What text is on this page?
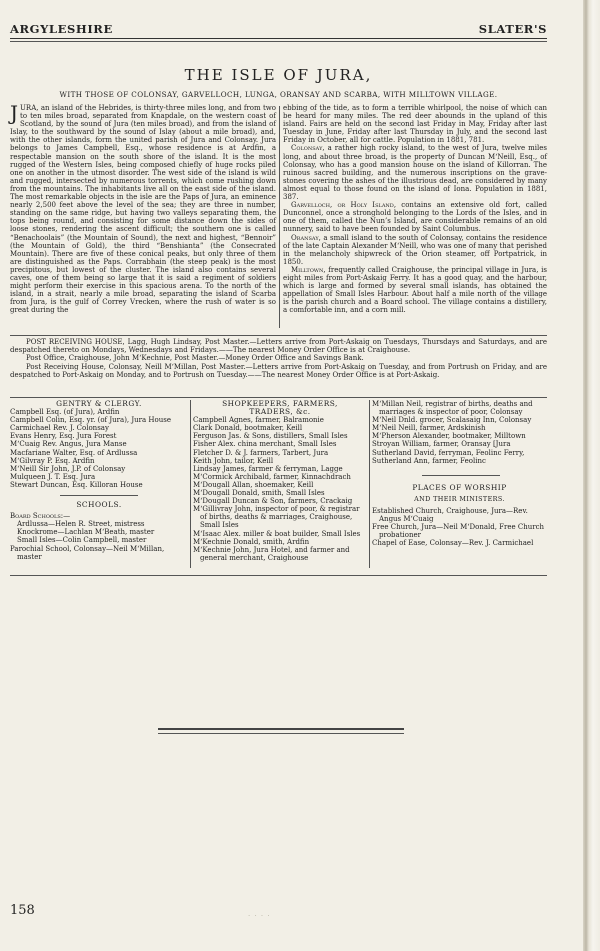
ARGYLESHIRE	SLATER'S
THE ISLE OF JURA,
WITH THOSE OF COLONSAY, GARVELLOCH, LUNGA, ORANSAY AND SCARBA, WITH MILLTOWN VILLAGE.

JURA, an island of the Hebrides, is thirty-three miles long, and from two to ten miles broad, separated from Knapdale, on the western coast of Scotland, by the sound of Jura (ten miles broad), and from the island of Islay, to the southward by the sound of Islay (about a mile broad), and, with the other islands, form the united parish of Jura and Colonsay. Jura belongs to James Campbell, Esq., whose residence is at Ardfin, a respectable mansion on the south shore of the island. It is the most rugged of the Western Isles, being composed chiefly of huge rocks piled one on another in the utmost disorder. The west side of the island is wild and rugged, intersected by numerous torrents, which come rushing down from the mountains. The inhabitants live all on the east side of the island. The most remarkable objects in the isle are the Paps of Jura, an eminence nearly 2,500 feet above the level of the sea; they are three in number, standing on the same ridge, but having two valleys separating them, the tops being round, and consisting for some distance down the sides of loose stones, rendering the ascent difficult; the southern one is called “Benachoolais” (the Mountain of Sound), the next and highest, “Bennoir” (the Mountain of Gold), the third “Benshianta” (the Consecrated Mountain). There are five of these conical peaks, but only three of them are distinguished as the Paps. Corrabhain (the steep peak) is the most precipitous, but lowest of the cluster. The island also contains several caves, one of them being so large that it is said a regiment of soldiers might perform their exercise in this spacious arena. To the north of the island, in a strait, nearly a mile broad, separating the island of Scarba from Jura, is the gulf of Correy Vrecken, where the rush of water is so great during the

ebbing of the tide, as to form a terrible whirlpool, the noise of which can be heard for many miles. The red deer abounds in the upland of this island. Fairs are held on the second last Friday in May, Friday after last Tuesday in June, Friday after last Thursday in July, and the second last Friday in October, all for cattle. Population in 1881, 781.

Colonsay, a rather high rocky island, to the west of Jura, twelve miles long, and about three broad, is the property of Duncan M‘Neill, Esq., of Colonsay, who has a good mansion house on the island of Killorran. The ruinous sacred building, and the numerous inscriptions on the grave-stones covering the ashes of the illustrious dead, are considered by many almost equal to those found on the island of Iona. Population in 1881, 387.

Garvelloch, or Holy Island, contains an extensive old fort, called Dunconnel, once a stronghold belonging to the Lords of the Isles, and in one of them, called the Nun’s Island, are considerable remains of an old nunnery, said to have been founded by Saint Columbus.

Oransay, a small island to the south of Colonsay, contains the residence of the late Captain Alexander M‘Neill, who was one of many that perished in the melancholy shipwreck of the Orion steamer, off Portpatrick, in 1850.

Milltown, frequently called Craighouse, the principal village in Jura, is eight miles from Port-Askaig Ferry. It has a good quay, and the harbour, which is large and formed by several small islands, has obtained the appellation of Small Isles Harbour. About half a mile north of the village is the parish church and a Board school. The village contains a distillery, a comfortable inn, and a corn mill.

POST RECEIVING HOUSE, Lagg, Hugh Lindsay, Post Master.—Letters arrive from Port-Askaig on Tuesdays, Thursdays and Saturdays, and are despatched thereto on Mondays, Wednesdays and Fridays.——The nearest Money Order Office is at Craighouse.

Post Office, Craighouse, John M‘Kechnie, Post Master.—Money Order Office and Savings Bank.

Post Receiving House, Colonsay, Neill M‘Millan, Post Master.—Letters arrive from Port-Askaig on Tuesday, and from Portrush on Friday, and are despatched to Port-Askaig on Monday, and to Portrush on Tuesday.——The nearest Money Order Office is at Port-Askaig.

GENTRY & CLERGY.
Campbell Esq. (of Jura), Ardfin
Campbell Colin, Esq. yr. (of Jura), Jura House
Carmichael Rev. J. Colonsay
Evans Henry, Esq. Jura Forest
M‘Cuaig Rev. Angus, Jura Manse
Macfariane Walter, Esq. of Ardlussa
M‘Gilvray P. Esq. Ardfin
M‘Neill Sir John, J.P. of Colonsay
Mulqueen J. T. Esq. Jura
Stewart Duncan, Esq. Killoran House
SCHOOLS.
Board Schools:—
Ardlussa—Helen R. Street, mistress
Knockrome—Lachlan M‘Beath, master
Small Isles—Colin Campbell, master
Parochial School, Colonsay—Neil M‘Millan, master
SHOPKEEPERS, FARMERS, TRADERS, &c.
Campbell Agnes, farmer, Balramonie
Clark Donald, bootmaker, Keill
Ferguson Jas. & Sons, distillers, Small Isles
Fisher Alex. china merchant, Small Isles
Fletcher D. & J. farmers, Tarbert, Jura
Keith John, tailor, Keill
Lindsay James, farmer & ferryman, Lagge
M‘Cormick Archibald, farmer, Kinnachdrach
M‘Dougall Allan, shoemaker, Keill
M‘Dougall Donald, smith, Small Isles
M‘Dougall Duncan & Son, farmers, Crackaig
M‘Gillivray John, inspector of poor, & registrar of births, deaths & marriages, Craighouse, Small Isles
M‘Isaac Alex. miller & boat builder, Small Isles
M‘Kechnie Donald, smith, Ardfin
M‘Kechnie John, Jura Hotel, and farmer and general merchant, Craighouse
M‘Millan Neil, registrar of births, deaths and marriages & inspector of poor, Colonsay
M‘Neil Dnld. grocer, Scalasaig Inn, Colonsay
M‘Neil Neill, farmer, Ardskinish
M‘Pherson Alexander, bootmaker, Milltown
Stroyan William, farmer, Oransay [Jura
Sutherland David, ferryman, Feolinc Ferry,
Sutherland Ann, farmer, Feolinc
PLACES OF WORSHIP
AND THEIR MINISTERS.
Established Church, Craighouse, Jura—Rev. Angus M‘Cuaig
Free Church, Jura—Neil M‘Donald, Free Church probationer
Chapel of Ease, Colonsay—Rev. J. Carmichael
158	· · · ·
